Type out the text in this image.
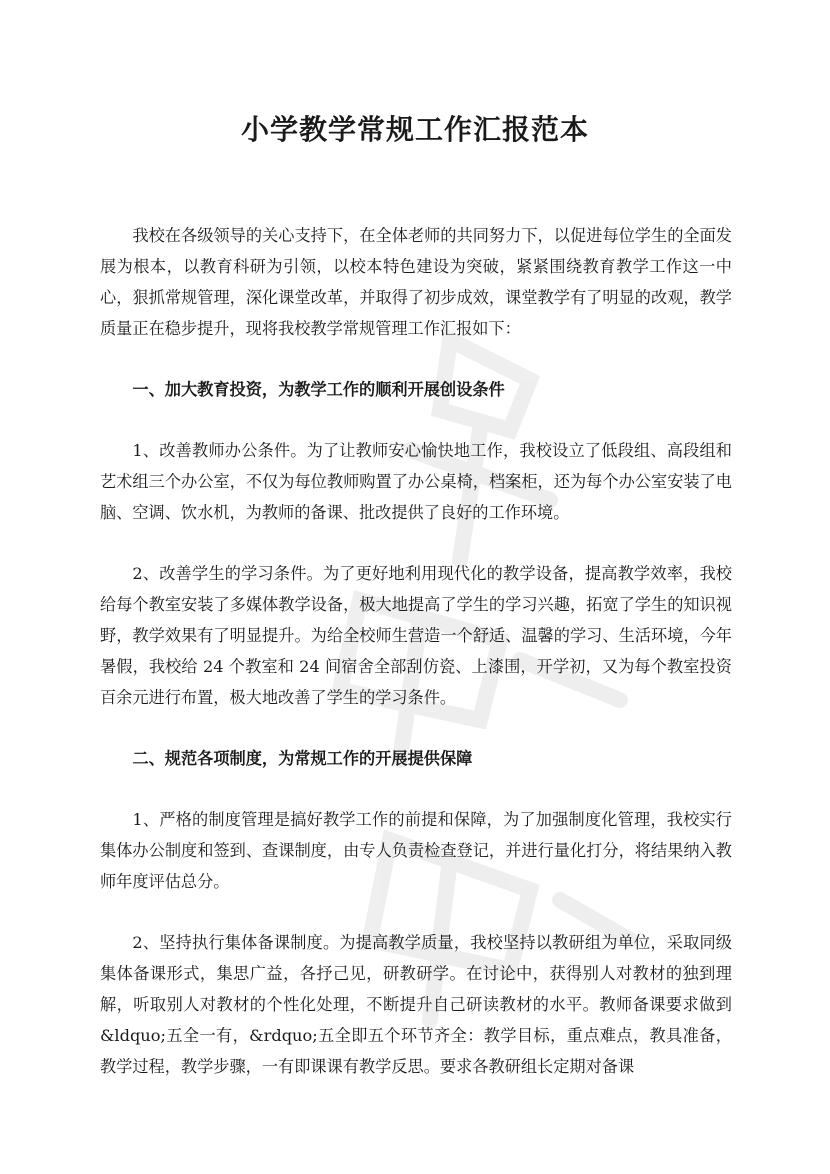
小学教学常规工作汇报范本

我校在各级领导的关心支持下，在全体老师的共同努力下，以促进每位学生的全面发展为根本，以教育科研为引领，以校本特色建设为突破，紧紧围绕教育教学工作这一中心，狠抓常规管理，深化课堂改革，并取得了初步成效，课堂教学有了明显的改观，教学质量正在稳步提升，现将我校教学常规管理工作汇报如下：

一、加大教育投资，为教学工作的顺利开展创设条件

1、改善教师办公条件。为了让教师安心愉快地工作，我校设立了低段组、高段组和艺术组三个办公室，不仅为每位教师购置了办公桌椅，档案柜，还为每个办公室安装了电脑、空调、饮水机，为教师的备课、批改提供了良好的工作环境。

2、改善学生的学习条件。为了更好地利用现代化的教学设备，提高教学效率，我校给每个教室安装了多媒体教学设备，极大地提高了学生的学习兴趣，拓宽了学生的知识视野，教学效果有了明显提升。为给全校师生营造一个舒适、温馨的学习、生活环境，今年暑假，我校给 24 个教室和 24 间宿舍全部刮仿瓷、上漆围，开学初，又为每个教室投资百余元进行布置，极大地改善了学生的学习条件。

二、规范各项制度，为常规工作的开展提供保障

1、严格的制度管理是搞好教学工作的前提和保障，为了加强制度化管理，我校实行集体办公制度和签到、查课制度，由专人负责检查登记，并进行量化打分，将结果纳入教师年度评估总分。

2、坚持执行集体备课制度。为提高教学质量，我校坚持以教研组为单位，采取同级集体备课形式，集思广益，各抒己见，研教研学。在讨论中，获得别人对教材的独到理解，听取别人对教材的个性化处理，不断提升自己研读教材的水平。教师备课要求做到&ldquo;五全一有，&rdquo;五全即五个环节齐全：教学目标，重点难点，教具准备，教学过程，教学步骤，一有即课课有教学反思。要求各教研组长定期对备课
